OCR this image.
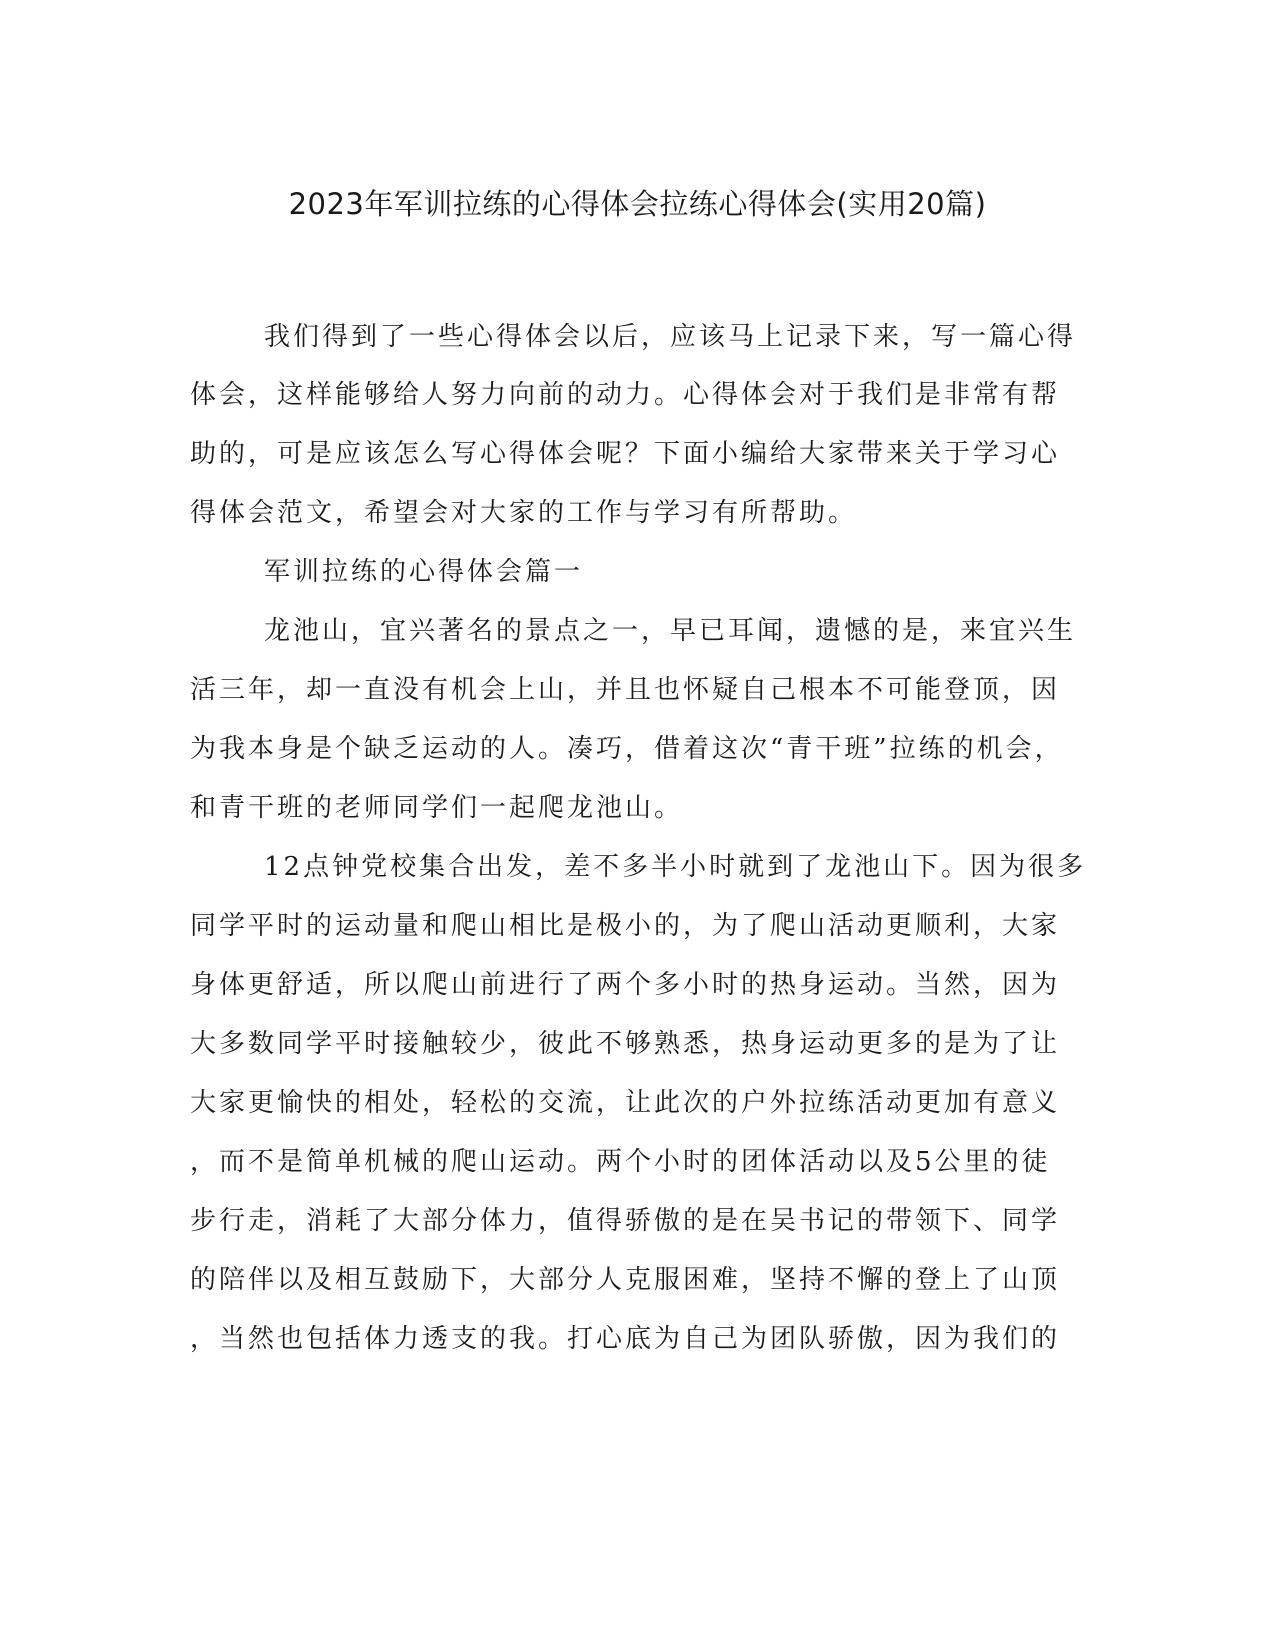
2023年军训拉练的心得体会拉练心得体会(实用20篇)
我们得到了一些心得体会以后，应该马上记录下来，写一篇心得
体会，这样能够给人努力向前的动力。心得体会对于我们是非常有帮
助的，可是应该怎么写心得体会呢？下面小编给大家带来关于学习心
得体会范文，希望会对大家的工作与学习有所帮助。
军训拉练的心得体会篇一
龙池山，宜兴著名的景点之一，早已耳闻，遗憾的是，来宜兴生
活三年，却一直没有机会上山，并且也怀疑自己根本不可能登顶，因
为我本身是个缺乏运动的人。凑巧，借着这次“青干班”拉练的机会，
和青干班的老师同学们一起爬龙池山。
12点钟党校集合出发，差不多半小时就到了龙池山下。因为很多
同学平时的运动量和爬山相比是极小的，为了爬山活动更顺利，大家
身体更舒适，所以爬山前进行了两个多小时的热身运动。当然，因为
大多数同学平时接触较少，彼此不够熟悉，热身运动更多的是为了让
大家更愉快的相处，轻松的交流，让此次的户外拉练活动更加有意义
，而不是简单机械的爬山运动。两个小时的团体活动以及5公里的徒
步行走，消耗了大部分体力，值得骄傲的是在吴书记的带领下、同学
的陪伴以及相互鼓励下，大部分人克服困难，坚持不懈的登上了山顶
，当然也包括体力透支的我。打心底为自己为团队骄傲，因为我们的
